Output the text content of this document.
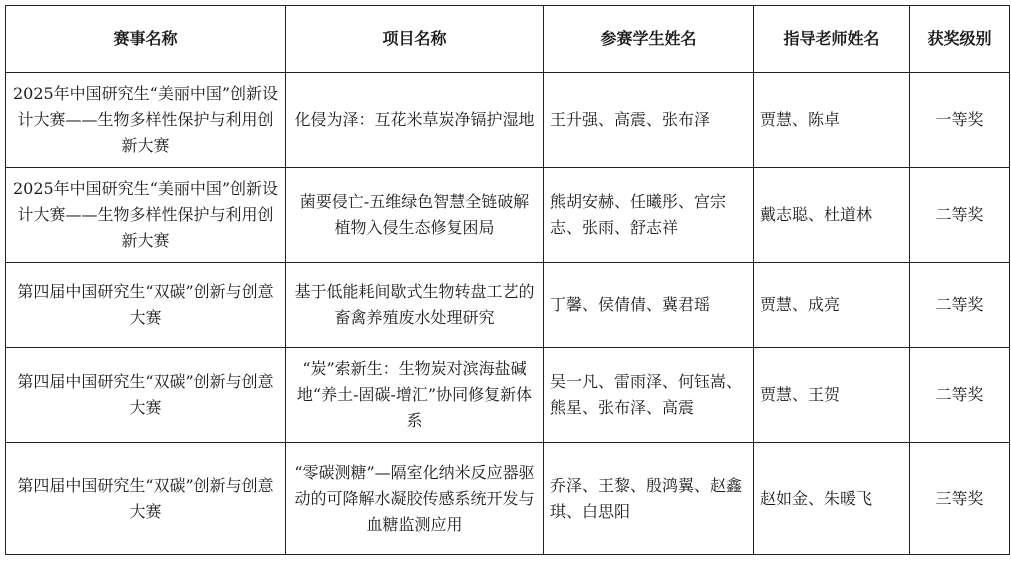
赛事名称	项目名称	参赛学生姓名	指导老师姓名	获奖级别
2025年中国研究生“美丽中国”创新设计大赛——生物多样性保护与利用创新大赛	化侵为泽：互花米草炭净镉护湿地	王升强、高震、张布泽	贾慧、陈卓	一等奖
2025年中国研究生“美丽中国”创新设计大赛——生物多样性保护与利用创新大赛	菌要侵亡-五维绿色智慧全链破解植物入侵生态修复困局	熊胡安赫、任曦彤、宫宗志、张雨、舒志祥	戴志聪、杜道林	二等奖
第四届中国研究生“双碳”创新与创意大赛	基于低能耗间歇式生物转盘工艺的畜禽养殖废水处理研究	丁馨、侯倩倩、冀君瑶	贾慧、成亮	二等奖
第四届中国研究生“双碳”创新与创意大赛	“炭”索新生：生物炭对滨海盐碱地“养土-固碳-增汇”协同修复新体系	吴一凡、雷雨泽、何钰嵩、熊星、张布泽、高震	贾慧、王贺	二等奖
第四届中国研究生“双碳”创新与创意大赛	“零碳测糖”—隔室化纳米反应器驱动的可降解水凝胶传感系统开发与血糖监测应用	乔泽、王黎、殷鸿翼、赵鑫琪、白思阳	赵如金、朱暖飞	三等奖
